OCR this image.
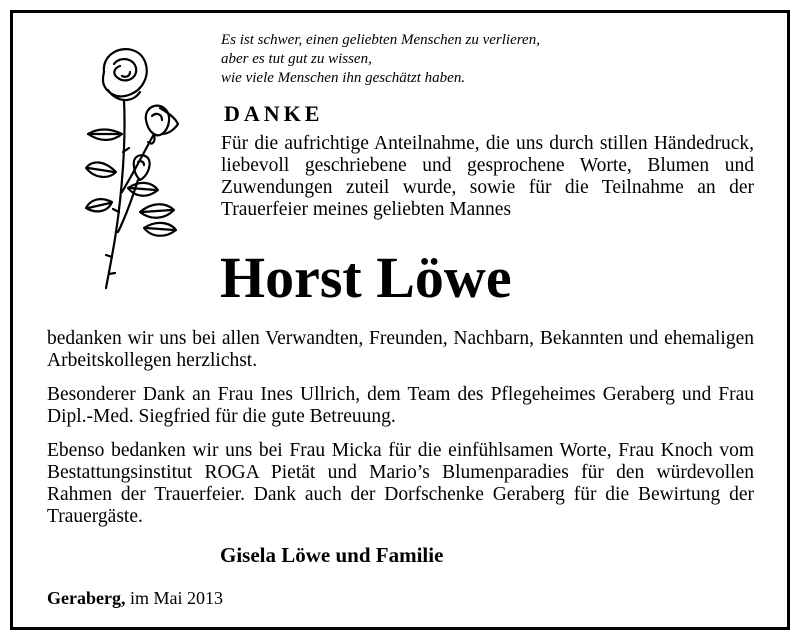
Es ist schwer, einen geliebten Menschen zu verlieren,
aber es tut gut zu wissen,
wie viele Menschen ihn geschätzt haben.
DANKE
Für die aufrichtige Anteilnahme, die uns durch stillen Händedruck, liebevoll geschriebene und gesprochene Worte, Blumen und Zuwendungen zuteil wurde, sowie für die Teilnahme an der Trauerfeier meines geliebten Mannes
Horst Löwe
bedanken wir uns bei allen Verwandten, Freunden, Nachbarn, Bekannten und ehemaligen Arbeitskollegen herzlichst.
Besonderer Dank an Frau Ines Ullrich, dem Team des Pflegeheimes Geraberg und Frau Dipl.-Med. Siegfried für die gute Betreuung.
Ebenso bedanken wir uns bei Frau Micka für die einfühlsamen Worte, Frau Knoch vom Bestattungsinstitut ROGA Pietät und Mario’s Blumenparadies für den würdevollen Rahmen der Trauerfeier. Dank auch der Dorfschenke Geraberg für die Bewirtung der Trauergäste.
Gisela Löwe und Familie
Geraberg, im Mai 2013
